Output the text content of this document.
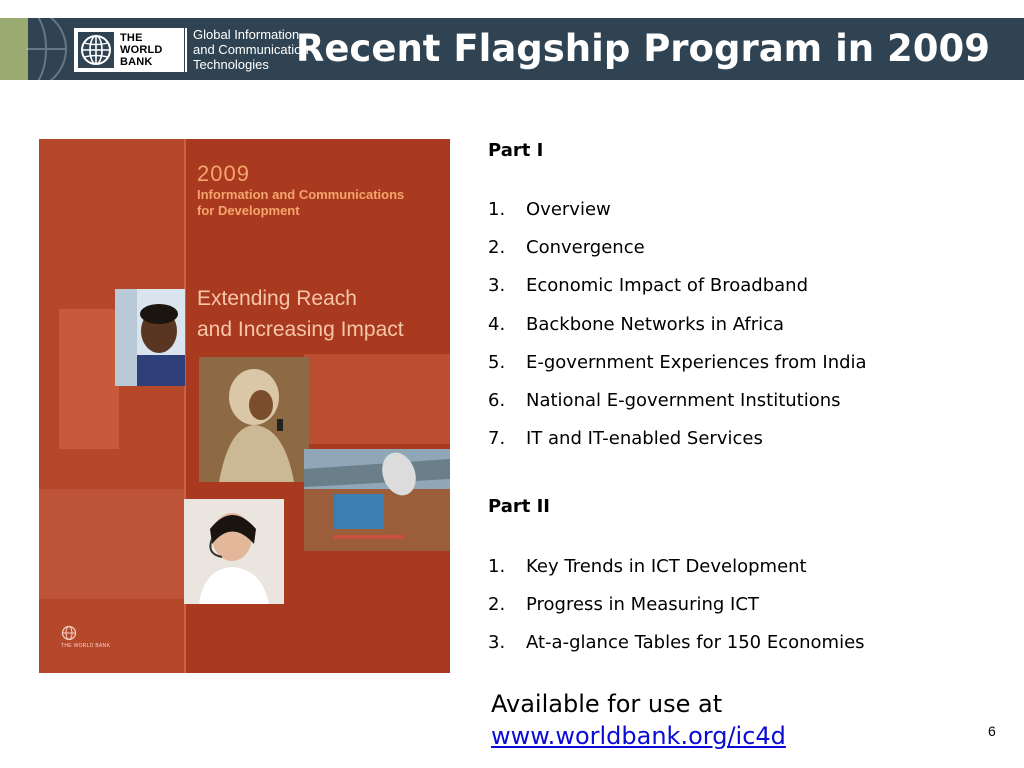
THE
WORLD
BANK
Global Information
and Communication
Technologies Recent Flagship Program in 2009
2009
Information and Communications
for Development
Extending Reach
and Increasing Impact
THE WORLD BANK
Part I
1.	Overview
2.	Convergence
3.	Economic Impact of Broadband
4.	Backbone Networks in Africa
5.	E-government Experiences from India
6.	National E-government Institutions
7.	IT and IT-enabled Services
Part II
1.	Key Trends in ICT Development
2.	Progress in Measuring ICT
3.	At-a-glance Tables for 150 Economies
Available for use at
www.worldbank.org/ic4d	6
